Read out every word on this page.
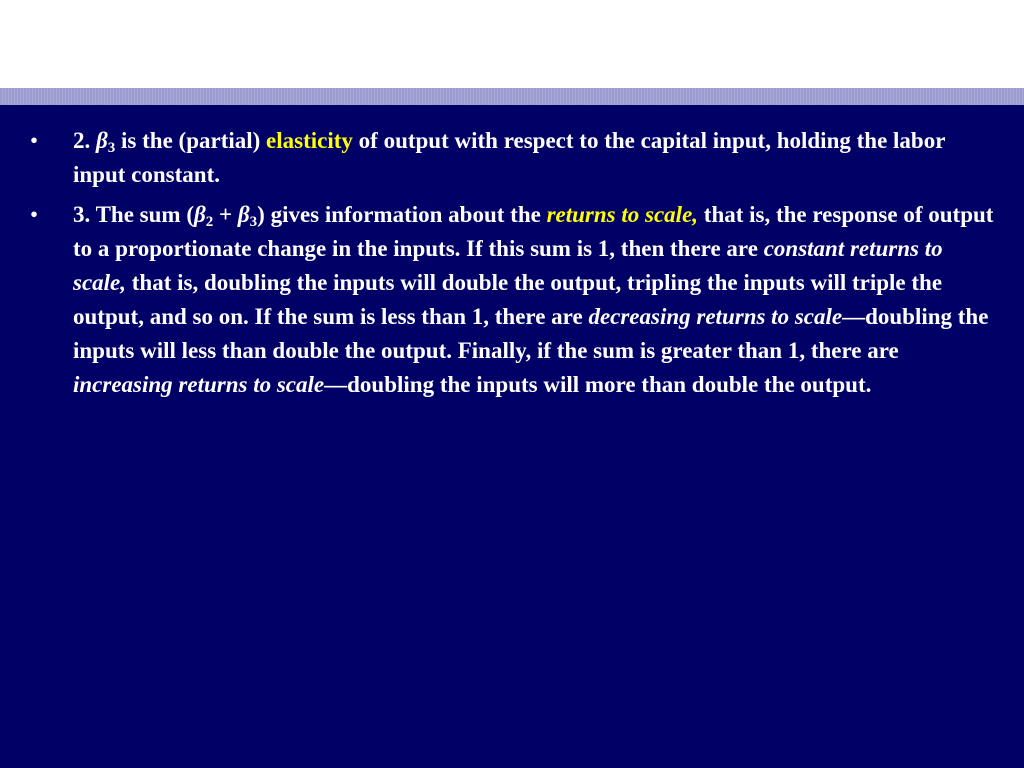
•	2. $\beta_3$ is the (partial) elasticity of output with respect to the capital input, holding the labor input constant.
•	3. The sum $(\beta_2 + \beta_3)$ gives information about the returns to scale, that is, the response of output to a proportionate change in the inputs. If this sum is 1, then there are constant returns to scale, that is, doubling the inputs will double the output, tripling the inputs will triple the output, and so on. If the sum is less than 1, there are decreasing returns to scale—doubling the inputs will less than double the output. Finally, if the sum is greater than 1, there are increasing returns to scale—doubling the inputs will more than double the output.
